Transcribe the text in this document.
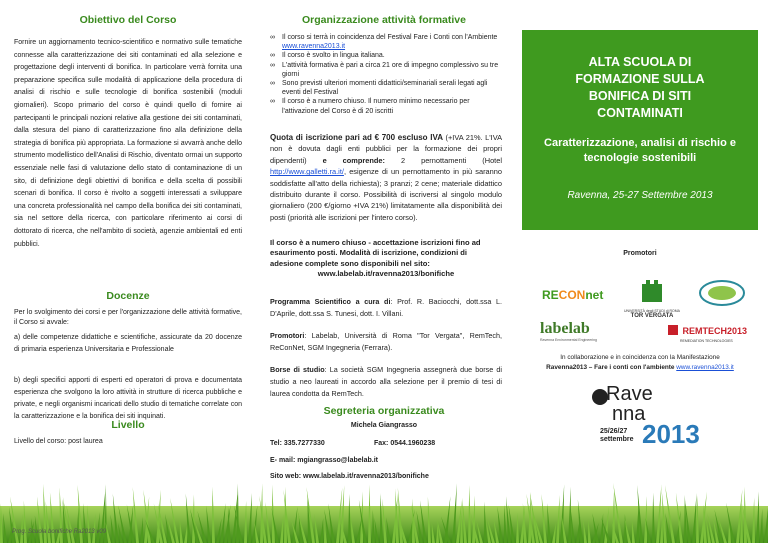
Obiettivo del Corso

Fornire un aggiornamento tecnico-scientifico e normativo sulle tematiche connesse alla caratterizzazione dei siti contaminati ed alla selezione e progettazione degli interventi di bonifica. In particolare verrà fornita una preparazione specifica sulle modalità di applicazione della procedura di analisi di rischio e sulle tecnologie di bonifica sostenibili (moduli giornalieri). Scopo primario del corso è quindi quello di fornire ai partecipanti le principali nozioni relative alla gestione dei siti contaminati, dalla stesura del piano di caratterizzazione fino alla definizione della strategia di bonifica più appropriata. La formazione si avvarrà anche dello strumento modellistico dell'Analisi di Rischio, diventato ormai un supporto essenziale nelle fasi di valutazione dello stato di contaminazione di un sito, di definizione degli obiettivi di bonifica e della scelta di possibili scenari di bonifica. Il corso è rivolto a soggetti interessati a sviluppare una concreta professionalità nel campo della bonifica dei siti contaminati, sia nel settore della ricerca, con particolare riferimento ai corsi di dottorato di ricerca, che nell'ambito di società, agenzie ambientali ed enti pubblici.

Docenze

Per lo svolgimento dei corsi e per l'organizzazione delle attività formative, il Corso si avvale:

a) delle competenze didattiche e scientifiche, assicurate da 20 docenze di primaria esperienza Universitaria e Professionale

b) degli specifici apporti di esperti ed operatori di prova e documentata esperienza che svolgono la loro attività in strutture di ricerca pubbliche e private, e negli organismi incaricati dello studio di tematiche correlate con la caratterizzazione e la bonifica dei siti inquinati.

Livello

Livello del corso: post laurea

Organizzazione attività formative
∞ Il corso si terrà in coincidenza del Festival Fare i Conti con l'Ambiente www.ravenna2013.it
∞ Il corso è svolto in lingua italiana.
∞ L'attività formativa è pari a circa 21 ore di impegno complessivo su tre giorni
∞ Sono previsti ulteriori momenti didattici/seminariali serali legati agli eventi del Festival
∞ Il corso è a numero chiuso. Il numero minimo necessario per l'attivazione del Corso è di 20 iscritti

Quota di iscrizione pari ad € 700 escluso IVA (+IVA 21%. L'IVA non è dovuta dagli enti pubblici per la formazione dei propri dipendenti) e comprende: 2 pernottamenti (Hotel http://www.galletti.ra.it/, esigenze di un pernottamento in più saranno soddisfatte all'atto della richiesta); 3 pranzi; 2 cene; materiale didattico distribuito durante il corso. Possibilità di iscriversi al singolo modulo giornaliero (200 €/giorno +IVA 21%) limitatamente alla disponibilità dei posti (priorità alle iscrizioni per l'intero corso).

Il corso è a numero chiuso - accettazione iscrizioni fino ad esaurimento posti. Modalità di iscrizione, condizioni di adesione complete sono disponibili nel sito:

www.labelab.it/ravenna2013/bonifiche

Programma Scientifico a cura di: Prof. R. Baciocchi, dott.ssa L. D'Aprile, dott.ssa S. Tunesi, dott. I. Villani.

Promotori: Labelab, Università di Roma "Tor Vergata", RemTech, ReConNet, SGM Ingegneria (Ferrara).

Borse di studio: La società SGM Ingegneria assegnerà due borse di studio a neo laureati in accordo alla selezione per il premio di tesi di laurea condotta da RemTech.

Segreteria organizzativa
Michela Giangrasso
Tel: 335.7277330	Fax: 0544.1960238
E- mail: mgiangrasso@labelab.it
Sito web: www.labelab.it/ravenna2013/bonifiche
ALTA SCUOLA DI FORMAZIONE SULLA BONIFICA DI SITI CONTAMINATI
Caratterizzazione, analisi di rischio e tecnologie sostenibili
Ravenna, 25-27 Settembre 2013
Promotori
RECONnet
UNIVERSITÀ degli STUDI di ROMA
TOR VERGATA
labelab
Ravenna Environmental Engineering
REMTECH2013
REMEDIATION TECHNOLOGIES
In collaborazione e in coincidenza con la Manifestazione
Ravenna2013 – Fare i conti con l'ambiente www.ravenna2013.it
Rave
nna
25/26/27
settembre 2013
Prog. Scuola bonifiche Ra2013 v09
